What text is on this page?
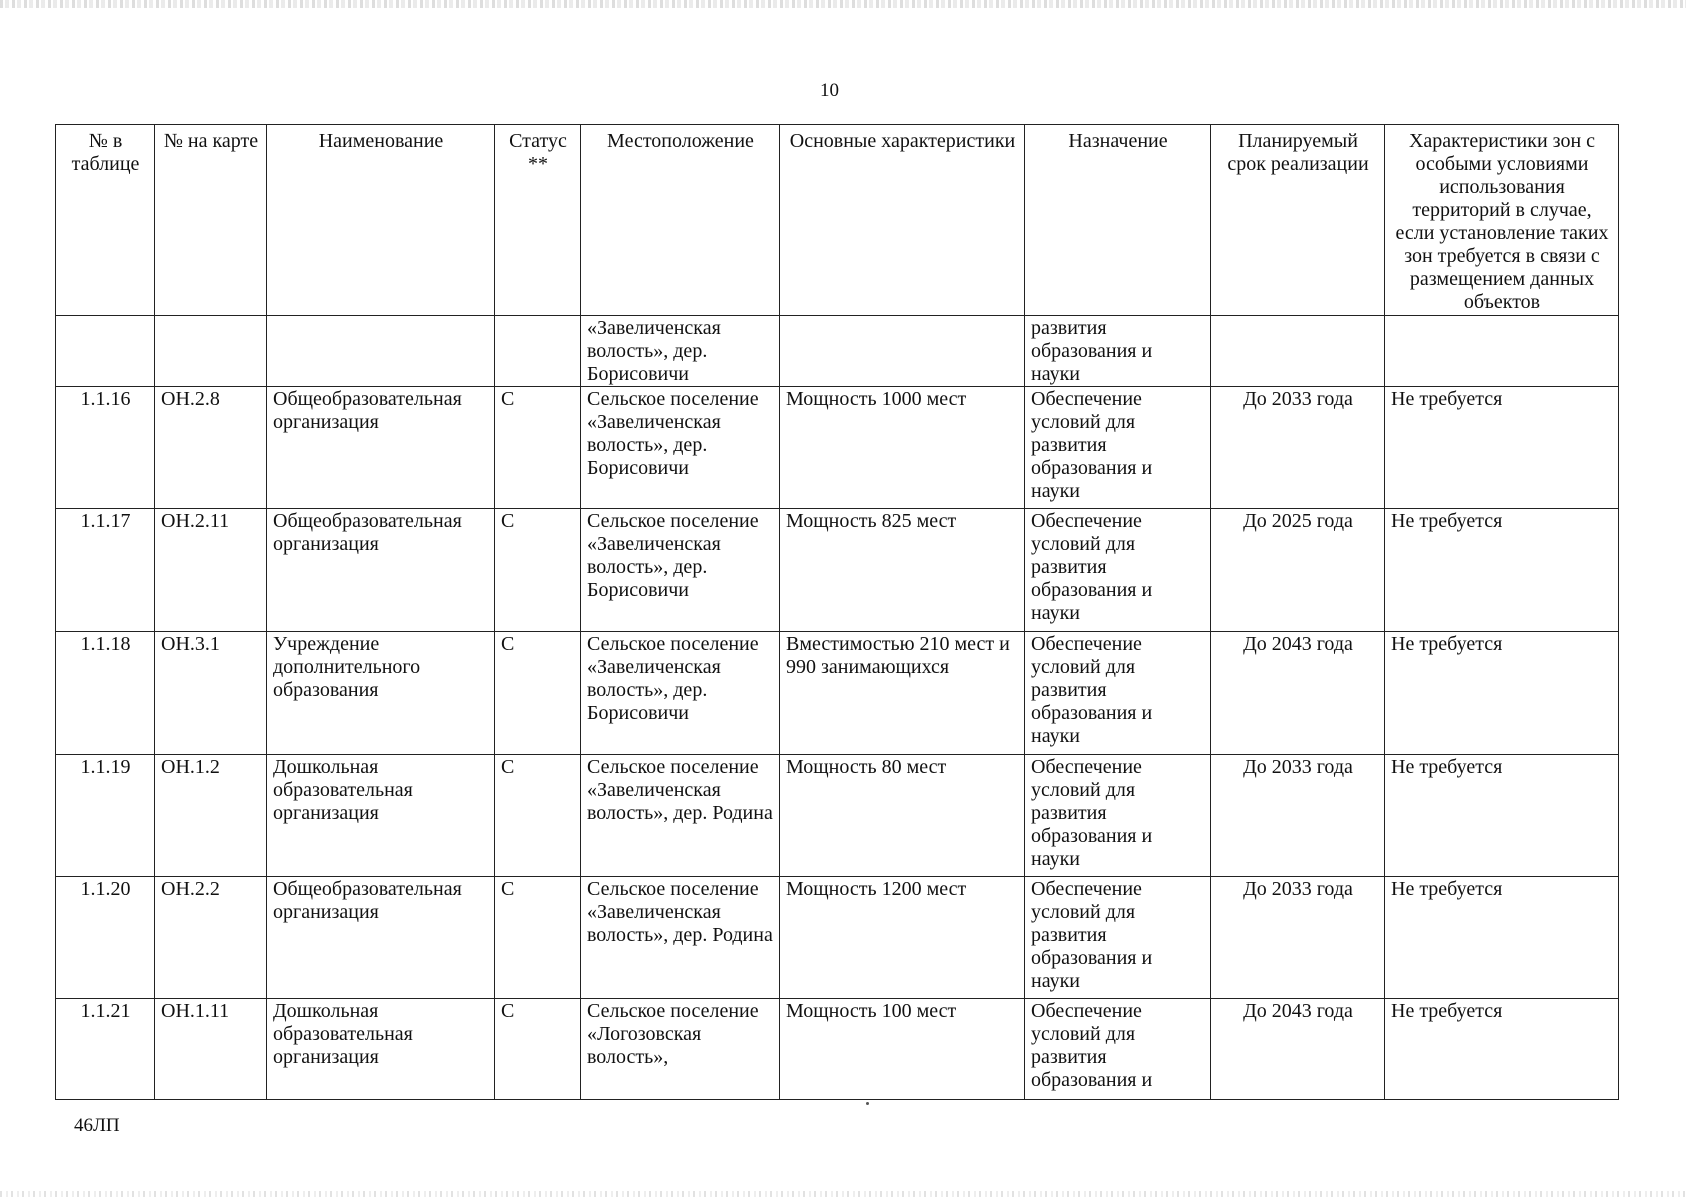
10
№ в таблице	№ на карте	Наименование	Статус **	Местоположение	Основные характеристики	Назначение	Планируемый срок реализации	Характеристики зон с особыми условиями использования территорий в случае, если установление таких зон требуется в связи с размещением данных объектов
				«Завеличенская волость», дер. Борисовичи		развития образования и науки		
1.1.16	ОН.2.8	Общеобразовательная организация	С	Сельское поселение «Завеличенская волость», дер. Борисовичи	Мощность 1000 мест	Обеспечение условий для развития образования и науки	До 2033 года	Не требуется
1.1.17	ОН.2.11	Общеобразовательная организация	С	Сельское поселение «Завеличенская волость», дер. Борисовичи	Мощность 825 мест	Обеспечение условий для развития образования и науки	До 2025 года	Не требуется
1.1.18	ОН.3.1	Учреждение дополнительного образования	С	Сельское поселение «Завеличенская волость», дер. Борисовичи	Вместимостью 210 мест и 990 занимающихся	Обеспечение условий для развития образования и науки	До 2043 года	Не требуется
1.1.19	ОН.1.2	Дошкольная образовательная организация	С	Сельское поселение «Завеличенская волость», дер. Родина	Мощность 80 мест	Обеспечение условий для развития образования и науки	До 2033 года	Не требуется
1.1.20	ОН.2.2	Общеобразовательная организация	С	Сельское поселение «Завеличенская волость», дер. Родина	Мощность 1200 мест	Обеспечение условий для развития образования и науки	До 2033 года	Не требуется
1.1.21	ОН.1.11	Дошкольная образовательная организация	С	Сельское поселение «Логозовская волость»,	Мощность 100 мест	Обеспечение условий для развития образования и	До 2043 года	Не требуется
46ЛП
